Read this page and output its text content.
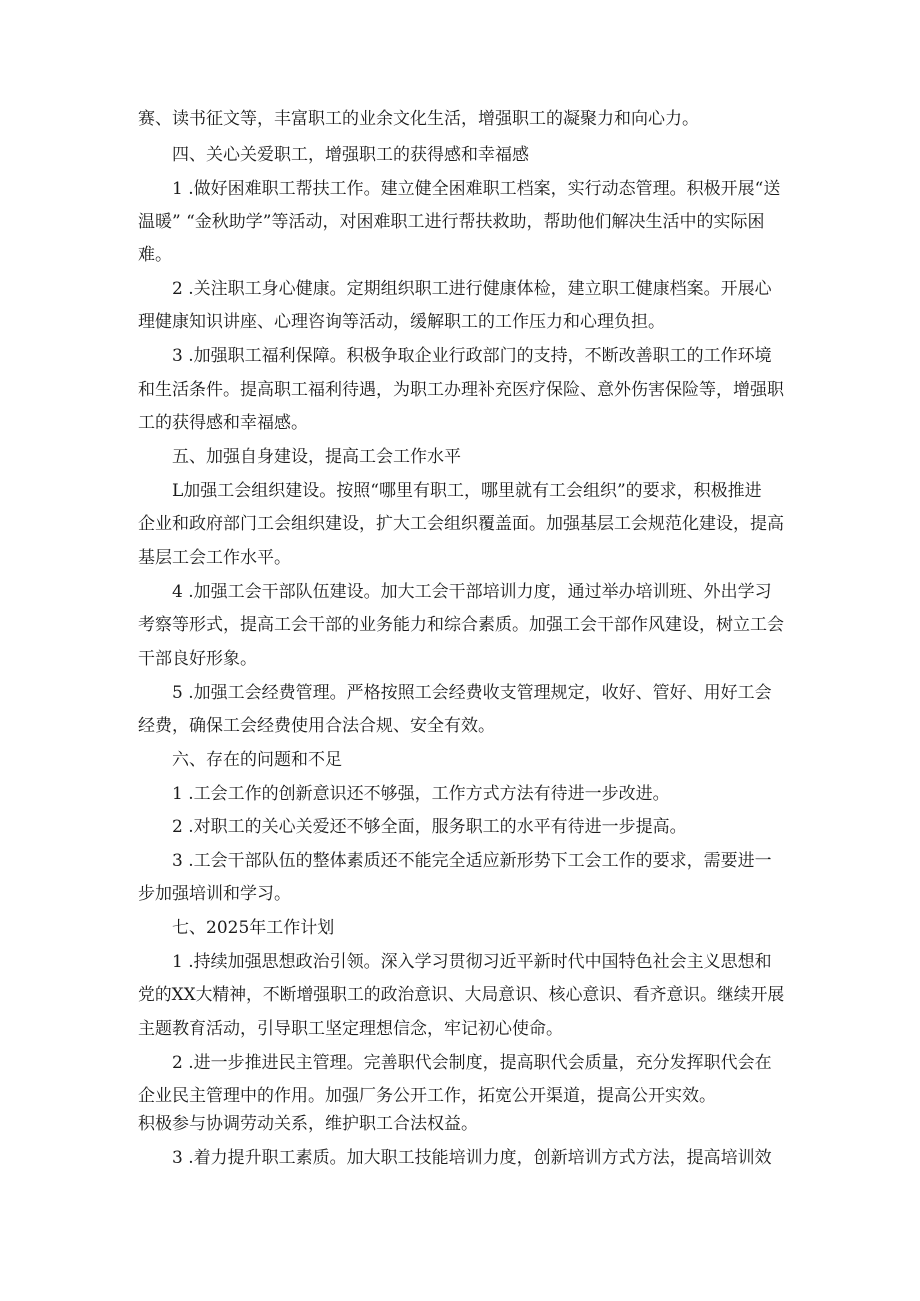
赛、读书征文等，丰富职工的业余文化生活，增强职工的凝聚力和向心力。

四、关心关爱职工，增强职工的获得感和幸福感

1 .做好困难职工帮扶工作。建立健全困难职工档案，实行动态管理。积极开展“送

温暖” “金秋助学”等活动，对困难职工进行帮扶救助，帮助他们解决生活中的实际困

难。

2 .关注职工身心健康。定期组织职工进行健康体检，建立职工健康档案。开展心

理健康知识讲座、心理咨询等活动，缓解职工的工作压力和心理负担。

3 .加强职工福利保障。积极争取企业行政部门的支持，不断改善职工的工作环境

和生活条件。提高职工福利待遇，为职工办理补充医疗保险、意外伤害保险等，增强职

工的获得感和幸福感。

五、加强自身建设，提高工会工作水平

L加强工会组织建设。按照“哪里有职工，哪里就有工会组织”的要求，积极推进

企业和政府部门工会组织建设，扩大工会组织覆盖面。加强基层工会规范化建设，提高

基层工会工作水平。

4 .加强工会干部队伍建设。加大工会干部培训力度，通过举办培训班、外出学习

考察等形式，提高工会干部的业务能力和综合素质。加强工会干部作风建设，树立工会

干部良好形象。

5 .加强工会经费管理。严格按照工会经费收支管理规定，收好、管好、用好工会

经费，确保工会经费使用合法合规、安全有效。

六、存在的问题和不足

1 .工会工作的创新意识还不够强，工作方式方法有待进一步改进。

2 .对职工的关心关爱还不够全面，服务职工的水平有待进一步提高。

3 .工会干部队伍的整体素质还不能完全适应新形势下工会工作的要求，需要进一

步加强培训和学习。

七、2025年工作计划

1 .持续加强思想政治引领。深入学习贯彻习近平新时代中国特色社会主义思想和

党的XX大精神，不断增强职工的政治意识、大局意识、核心意识、看齐意识。继续开展

主题教育活动，引导职工坚定理想信念，牢记初心使命。

2 .进一步推进民主管理。完善职代会制度，提高职代会质量，充分发挥职代会在

企业民主管理中的作用。加强厂务公开工作，拓宽公开渠道，提高公开实效。

积极参与协调劳动关系，维护职工合法权益。

3 .着力提升职工素质。加大职工技能培训力度，创新培训方式方法，提高培训效
